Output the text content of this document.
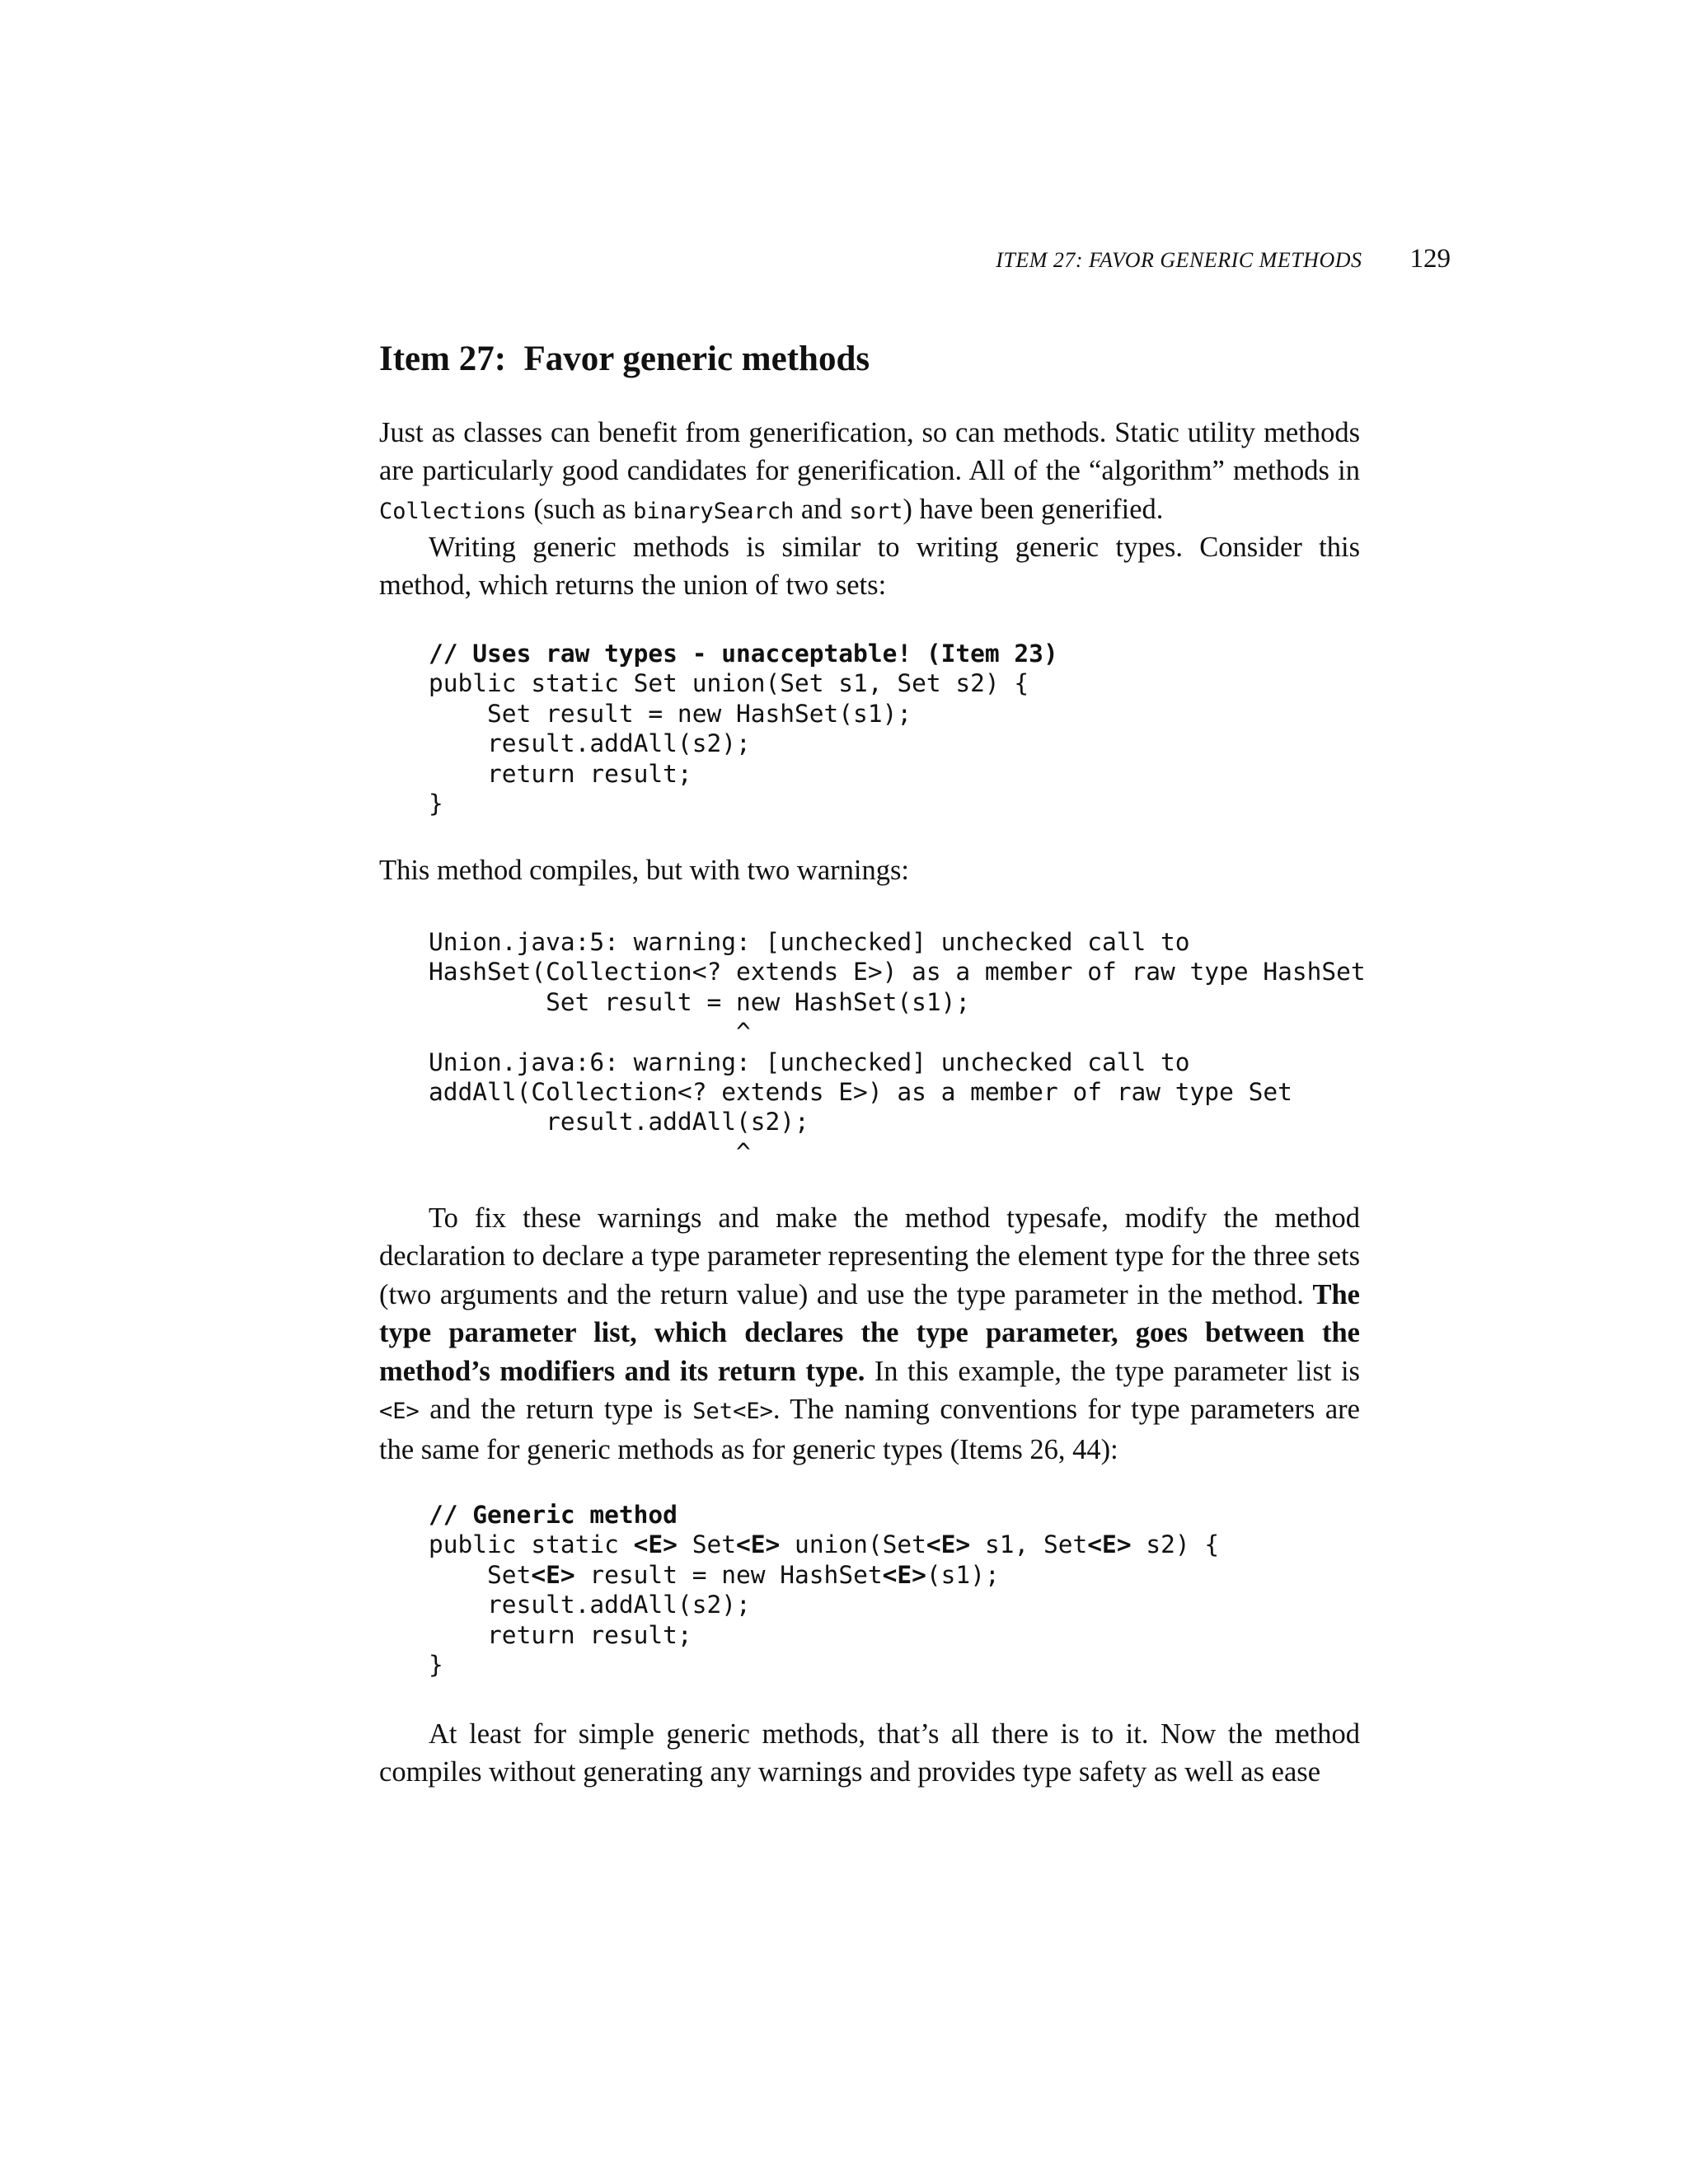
ITEM 27: FAVOR GENERIC METHODS 129
Item 27:  Favor generic methods

Just as classes can benefit from generification, so can methods. Static utility methods are particularly good candidates for generification. All of the “algorithm” methods in Collections (such as binarySearch and sort) have been generified.

Writing generic methods is similar to writing generic types. Consider this method, which returns the union of two sets:

// Uses raw types - unacceptable! (Item 23)
public static Set union(Set s1, Set s2) {
Set result = new HashSet(s1);
result.addAll(s2);
return result;
}

This method compiles, but with two warnings:

Union.java:5: warning: [unchecked] unchecked call to
HashSet(Collection<? extends E>) as a member of raw type HashSet
Set result = new HashSet(s1);
^
Union.java:6: warning: [unchecked] unchecked call to
addAll(Collection<? extends E>) as a member of raw type Set
result.addAll(s2);
^

To fix these warnings and make the method typesafe, modify the method declaration to declare a type parameter representing the element type for the three sets (two arguments and the return value) and use the type parameter in the method. The type parameter list, which declares the type parameter, goes between the method’s modifiers and its return type. In this example, the type parameter list is <E> and the return type is Set<E>. The naming conventions for type parameters are the same for generic methods as for generic types (Items 26, 44):

// Generic method
public static <E> Set<E> union(Set<E> s1, Set<E> s2) {
Set<E> result = new HashSet<E>(s1);
result.addAll(s2);
return result;
}

At least for simple generic methods, that’s all there is to it. Now the method compiles without generating any warnings and provides type safety as well as ease
